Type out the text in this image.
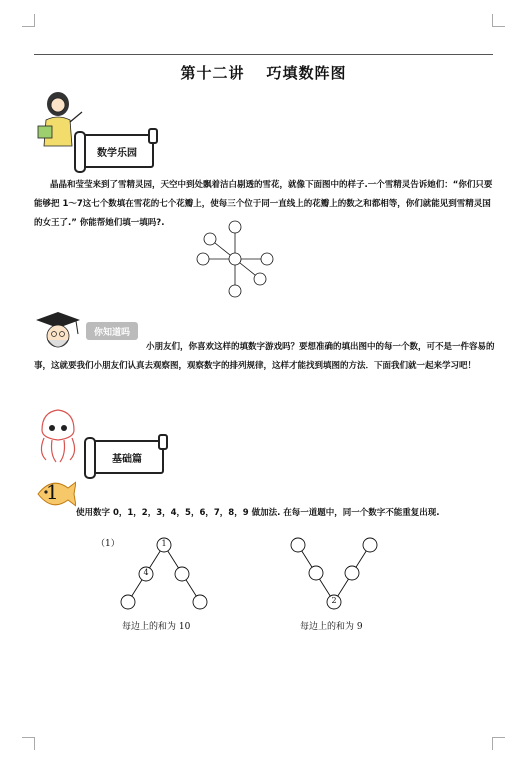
第十二讲 巧填数阵图
数学乐园
晶晶和莹莹来到了雪精灵园，天空中到处飘着洁白剔透的雪花，就像下面图中的样子.一个雪精灵告诉她们：“你们只要能够把 1～7这七个数填在雪花的七个花瓣上，使每三个位于同一直线上的花瓣上的数之和都相等，你们就能见到雪精灵国的女王了.” 你能帮她们填一填吗?.
你知道吗
小朋友们，你喜欢这样的填数字游戏吗？要想准确的填出图中的每一个数，可不是一件容易的事，这就要我们小朋友们认真去观察图，观察数字的排列规律，这样才能找到填图的方法．下面我们就一起来学习吧！
基础篇
1
使用数字 0，1，2，3，4，5，6，7，8，9 做加法. 在每一道题中，同一个数字不能重复出现.
（1）	1
4
每边上的和为 10
2
每边上的和为 9
